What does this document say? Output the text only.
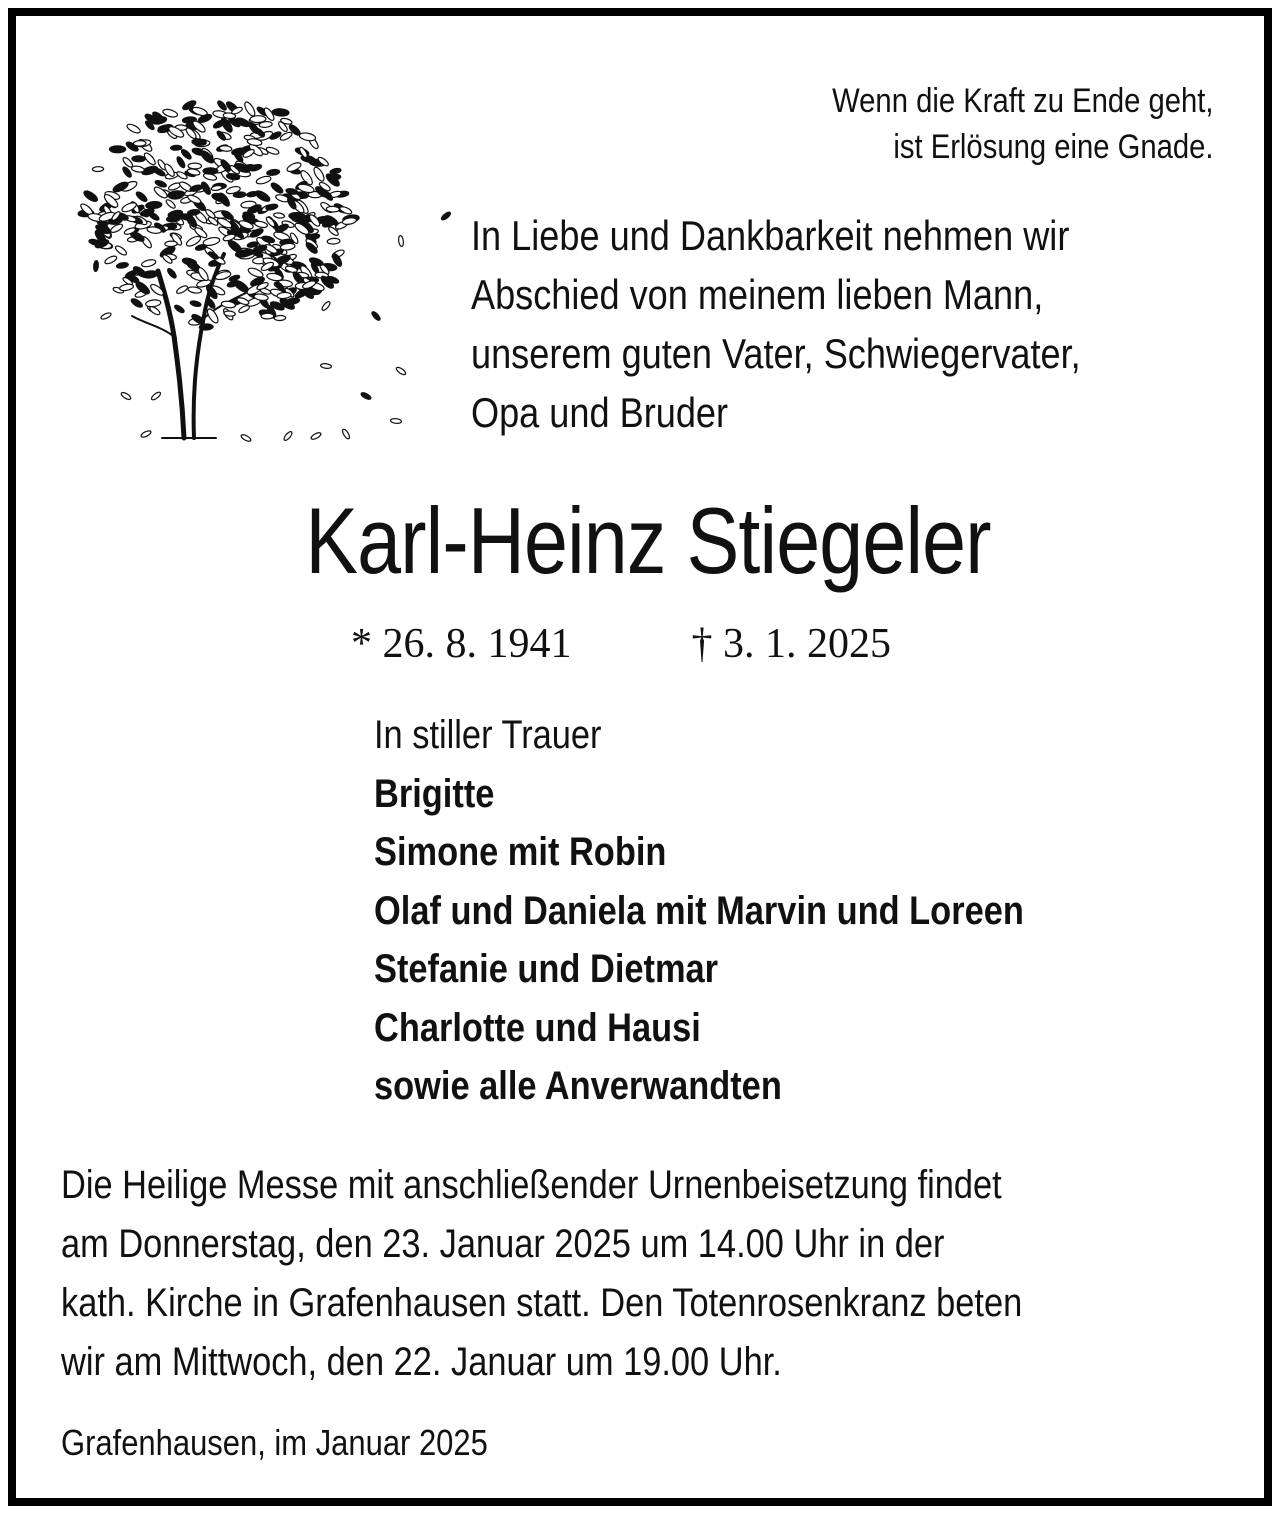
Wenn die Kraft zu Ende geht,
ist Erlösung eine Gnade.
In Liebe und Dankbarkeit nehmen wir
Abschied von meinem lieben Mann,
unserem guten Vater, Schwiegervater,
Opa und Bruder
Karl-Heinz Stiegeler
* 26. 8. 1941	† 3. 1. 2025
In stiller Trauer
Brigitte
Simone mit Robin
Olaf und Daniela mit Marvin und Loreen
Stefanie und Dietmar
Charlotte und Hausi
sowie alle Anverwandten
Die Heilige Messe mit anschließender Urnenbeisetzung findet
am Donnerstag, den 23. Januar 2025 um 14.00 Uhr in der
kath. Kirche in Grafenhausen statt. Den Totenrosenkranz beten
wir am Mittwoch, den 22. Januar um 19.00 Uhr.
Grafenhausen, im Januar 2025
